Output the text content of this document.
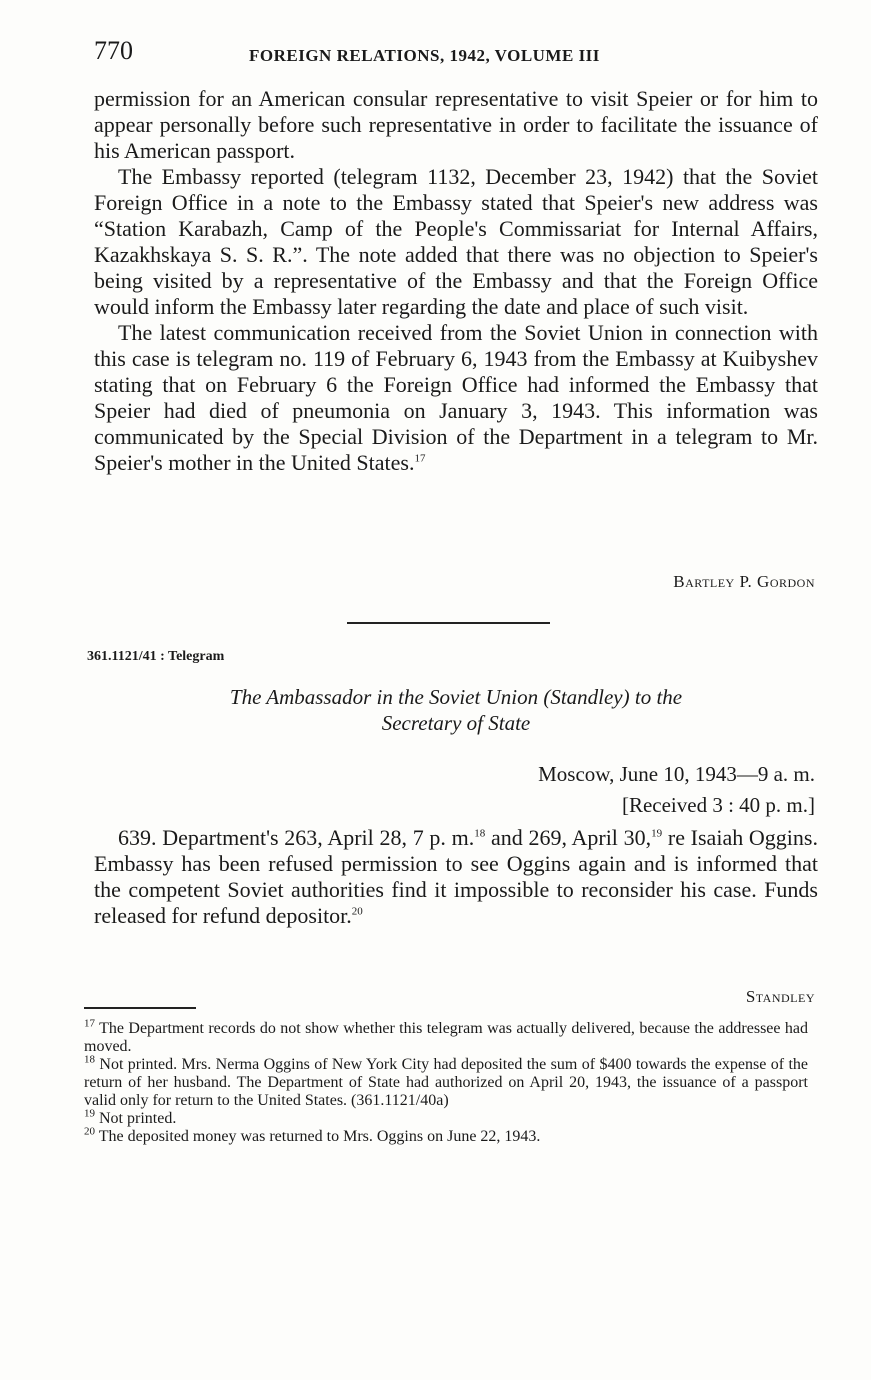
770	FOREIGN RELATIONS, 1942, VOLUME III

permission for an American consular representative to visit Speier or for him to appear personally before such representative in order to facilitate the issuance of his American passport.

The Embassy reported (telegram 1132, December 23, 1942) that the Soviet Foreign Office in a note to the Embassy stated that Speier's new address was “Station Karabazh, Camp of the People's Commissariat for Internal Affairs, Kazakhskaya S. S. R.”. The note added that there was no objection to Speier's being visited by a representative of the Embassy and that the Foreign Office would inform the Embassy later regarding the date and place of such visit.

The latest communication received from the Soviet Union in connection with this case is telegram no. 119 of February 6, 1943 from the Embassy at Kuibyshev stating that on February 6 the Foreign Office had informed the Embassy that Speier had died of pneumonia on January 3, 1943. This information was communicated by the Special Division of the Department in a telegram to Mr. Speier's mother in the United States.$^{17}$

Bartley P. Gordon
361.1121/41 : Telegram
The Ambassador in the Soviet Union (Standley) to the
Secretary of State
Moscow, June 10, 1943—9 a. m.
[Received 3 : 40 p. m.]

639. Department's 263, April 28, 7 p. m.$^{18}$ and 269, April 30,19 re Isaiah Oggins. Embassy has been refused permission to see Oggins again and is informed that the competent Soviet authorities find it impossible to reconsider his case. Funds released for refund depositor.$^{20}$

Standley

$^{17}$ The Department records do not show whether this telegram was actually delivered, because the addressee had moved.

$^{18}$ Not printed. Mrs. Nerma Oggins of New York City had deposited the sum of $400 towards the expense of the return of her husband. The Department of State had authorized on April 20, 1943, the issuance of a passport valid only for return to the United States. (361.1121/40a)

$^{19}$ Not printed.

$^{20}$ The deposited money was returned to Mrs. Oggins on June 22, 1943.
